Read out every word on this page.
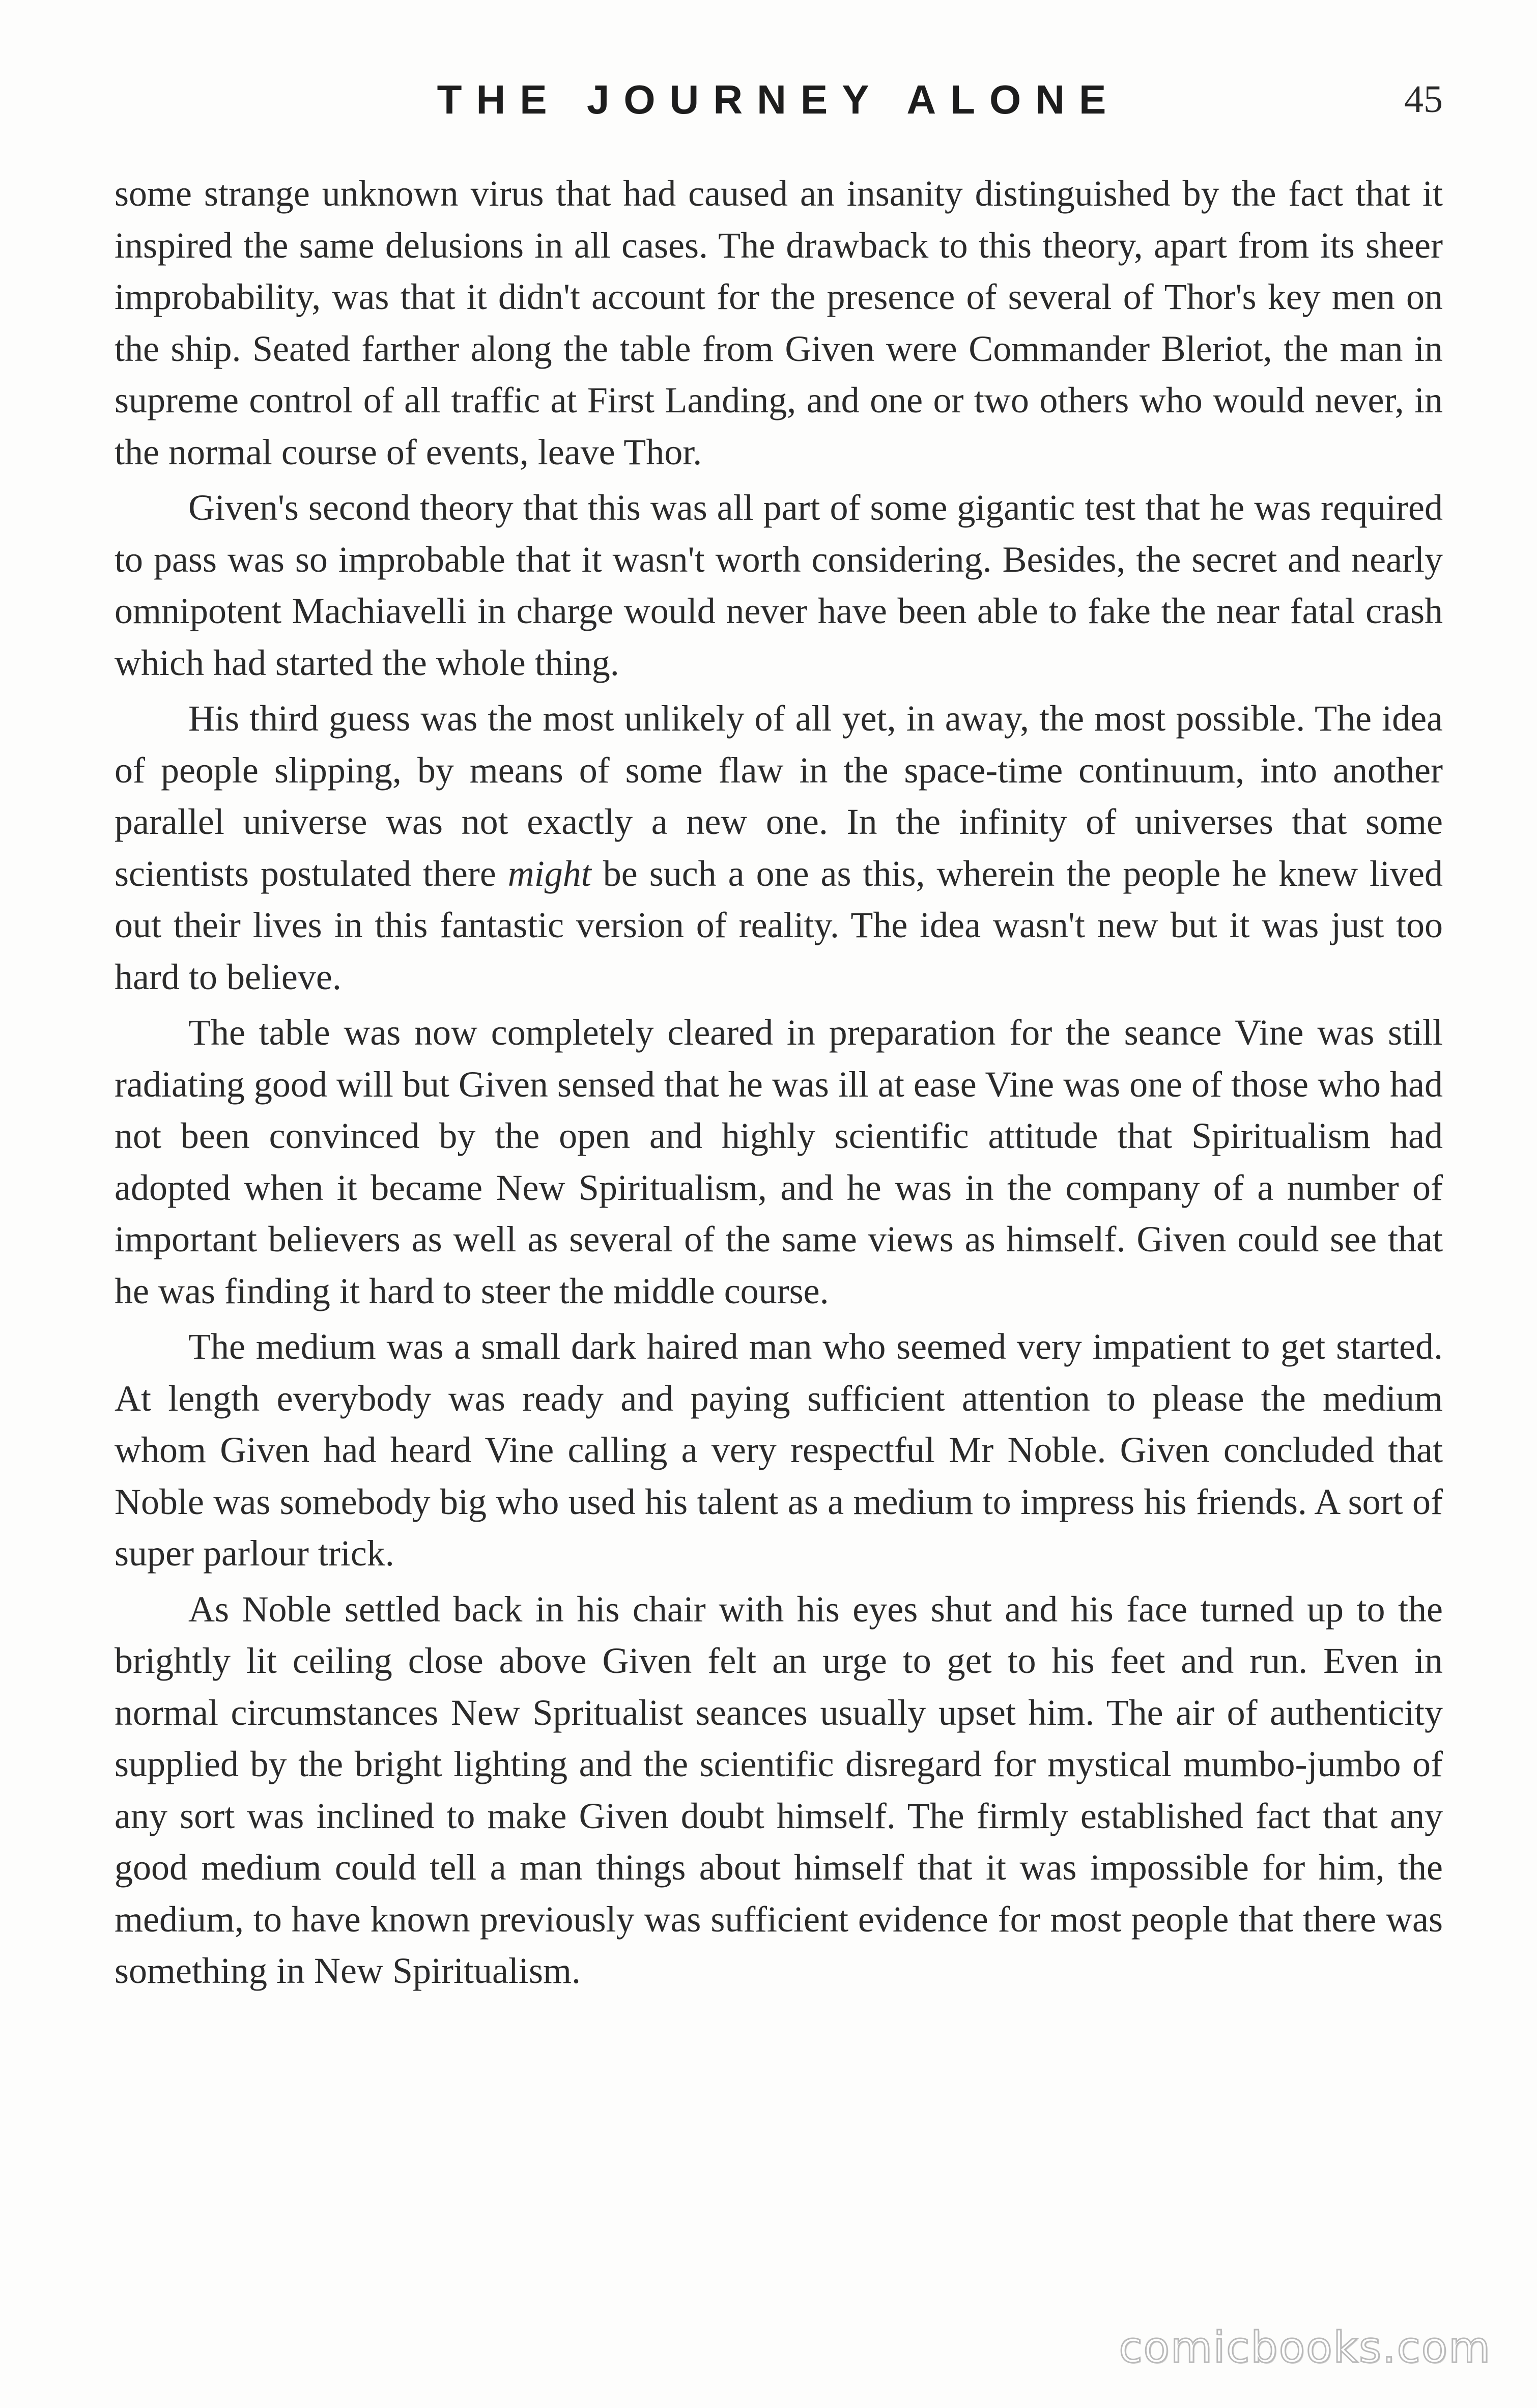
THE JOURNEY ALONE	45

some strange unknown virus that had caused an insanity distinguished by the fact that it inspired the same delusions in all cases. The drawback to this theory, apart from its sheer improbability, was that it didn't account for the presence of several of Thor's key men on the ship. Seated farther along the table from Given were Commander Bleriot, the man in supreme control of all traffic at First Landing, and one or two others who would never, in the normal course of events, leave Thor.

Given's second theory that this was all part of some gigantic test that he was required to pass was so improbable that it wasn't worth considering. Besides, the secret and nearly omnipotent Machiavelli in charge would never have been able to fake the near fatal crash which had started the whole thing.

His third guess was the most unlikely of all yet, in away, the most possible. The idea of people slipping, by means of some flaw in the space-time continuum, into another parallel universe was not exactly a new one. In the infinity of universes that some scientists postulated there might be such a one as this, wherein the people he knew lived out their lives in this fantastic version of reality. The idea wasn't new but it was just too hard to believe.

The table was now completely cleared in preparation for the seance Vine was still radiating good will but Given sensed that he was ill at ease Vine was one of those who had not been convinced by the open and highly scientific attitude that Spiritualism had adopted when it became New Spiritualism, and he was in the company of a number of important believers as well as several of the same views as himself. Given could see that he was finding it hard to steer the middle course.

The medium was a small dark haired man who seemed very impatient to get started. At length everybody was ready and paying sufficient attention to please the medium whom Given had heard Vine calling a very respectful Mr Noble. Given concluded that Noble was somebody big who used his talent as a medium to impress his friends. A sort of super parlour trick.

As Noble settled back in his chair with his eyes shut and his face turned up to the brightly lit ceiling close above Given felt an urge to get to his feet and run. Even in normal circumstances New Spritualist seances usually upset him. The air of authenticity supplied by the bright lighting and the scientific disregard for mystical mumbo-jumbo of any sort was inclined to make Given doubt himself. The firmly established fact that any good medium could tell a man things about himself that it was impossible for him, the medium, to have known previously was sufficient evidence for most people that there was something in New Spiritualism.

comicbooks.com
